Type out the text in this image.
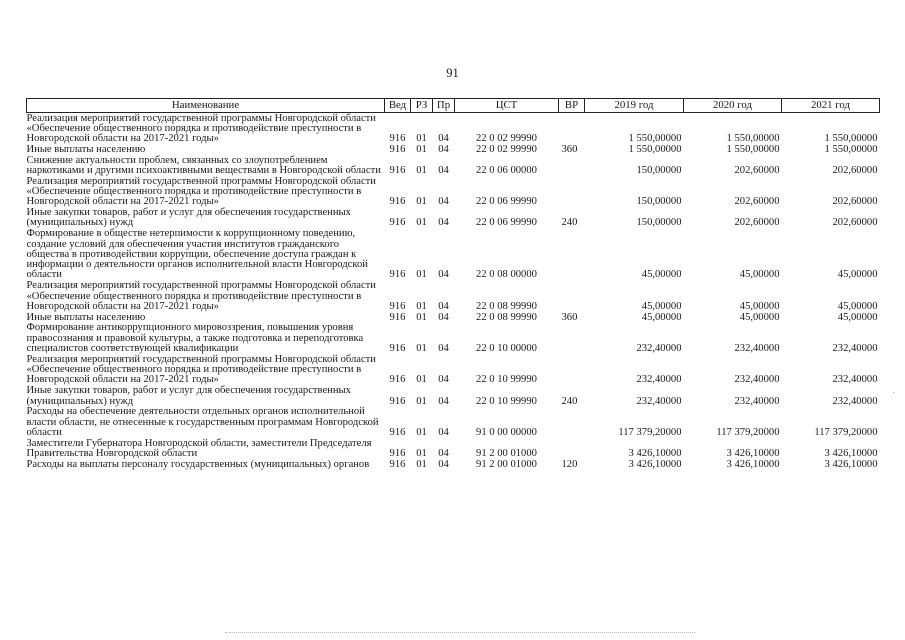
91
Наименование	Вед	РЗ	Пр	ЦСТ	ВР	2019 год	2020 год	2021 год
Реализация мероприятий государственной программы Новгородской области «Обеспечение общественного порядка и противодействие преступности в Новгородской области на 2017-2021 годы»	916	01	04	22 0 02 99990		1 550,00000	1 550,00000	1 550,00000
Иные выплаты населению	916	01	04	22 0 02 99990	360	1 550,00000	1 550,00000	1 550,00000
Снижение актуальности проблем, связанных со злоупотреблением наркотиками и другими психоактивными веществами в Новгородской области	916	01	04	22 0 06 00000		150,00000	202,60000	202,60000
Реализация мероприятий государственной программы Новгородской области «Обеспечение общественного порядка и противодействие преступности в Новгородской области на 2017-2021 годы»	916	01	04	22 0 06 99990		150,00000	202,60000	202,60000
Иные закупки товаров, работ и услуг для обеспечения государственных (муниципальных) нужд	916	01	04	22 0 06 99990	240	150,00000	202,60000	202,60000
Формирование в обществе нетерпимости к коррупционному поведению, создание условий для обеспечения участия институтов гражданского общества в противодействии коррупции, обеспечение доступа граждан к информации о деятельности органов исполнительной власти Новгородской области	916	01	04	22 0 08 00000		45,00000	45,00000	45,00000
Реализация мероприятий государственной программы Новгородской области «Обеспечение общественного порядка и противодействие преступности в Новгородской области на 2017-2021 годы»	916	01	04	22 0 08 99990		45,00000	45,00000	45,00000
Иные выплаты населению	916	01	04	22 0 08 99990	360	45,00000	45,00000	45,00000
Формирование антикоррупционного мировоззрения, повышения уровня правосознания и правовой культуры, а также подготовка и переподготовка специалистов соответствующей квалификации	916	01	04	22 0 10 00000		232,40000	232,40000	232,40000
Реализация мероприятий государственной программы Новгородской области «Обеспечение общественного порядка и противодействие преступности в Новгородской области на 2017-2021 годы»	916	01	04	22 0 10 99990		232,40000	232,40000	232,40000
Иные закупки товаров, работ и услуг для обеспечения государственных (муниципальных) нужд	916	01	04	22 0 10 99990	240	232,40000	232,40000	232,40000
Расходы на обеспечение деятельности отдельных органов исполнительной власти области, не отнесенные к государственным программам Новгородской области	916	01	04	91 0 00 00000		117 379,20000	117 379,20000	117 379,20000
Заместители Губернатора Новгородской области, заместители Председателя Правительства Новгородской области	916	01	04	91 2 00 01000		3 426,10000	3 426,10000	3 426,10000
Расходы на выплаты персоналу государственных (муниципальных) органов	916	01	04	91 2 00 01000	120	3 426,10000	3 426,10000	3 426,10000
·
